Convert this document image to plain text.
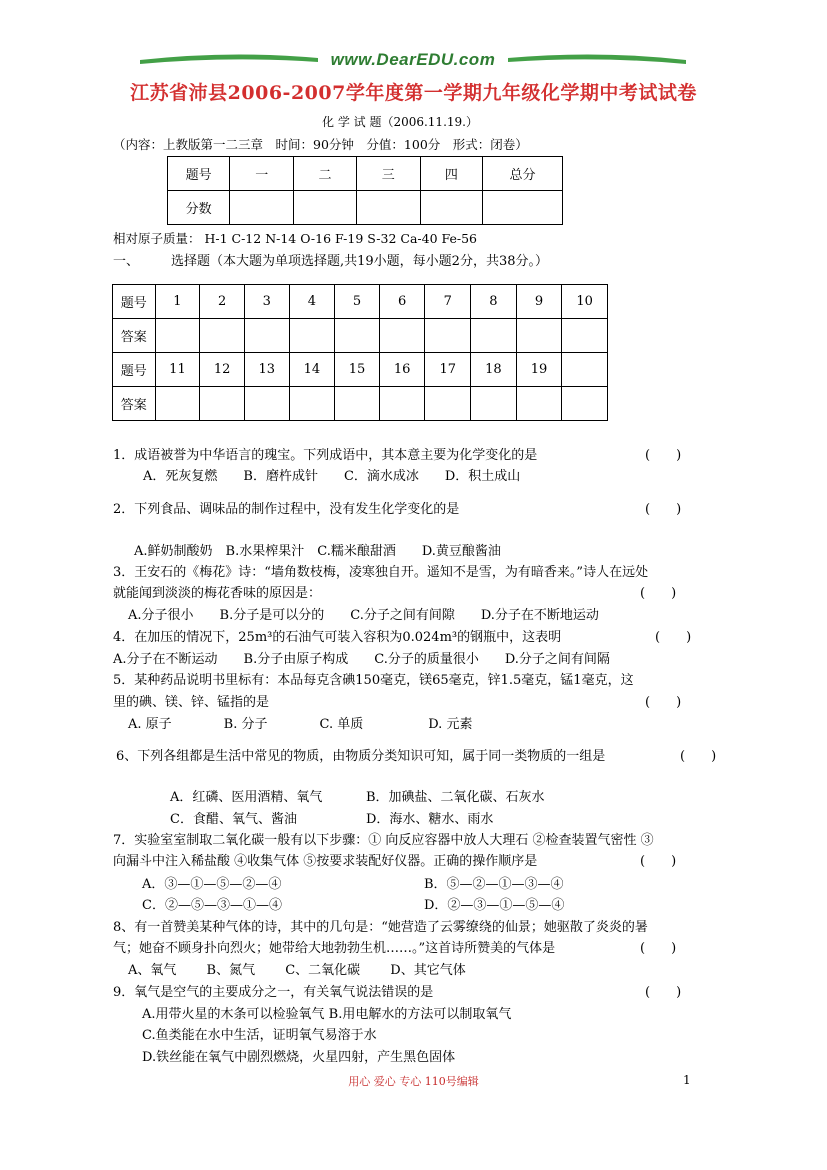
www.DearEDU.com
江苏省沛县2006-2007学年度第一学期九年级化学期中考试试卷
化 学 试 题（2006.11.19.）
（内容：上教版第一二三章　时间：90分钟　分值：100分　形式：闭卷）
题号	一	二	三	四	总分
分数					
相对原子质量： H-1 C-12 N-14 O-16 F-19 S-32 Ca-40 Fe-56
一、 选择题（本大题为单项选择题,共19小题，每小题2分，共38分。）
题号	1	2	3	4	5	6	7	8	9	10
答案										
题号	11	12	13	14	15	16	17	18	19	
答案										
1．成语被誉为中华语言的瑰宝。下列成语中，其本意主要为化学变化的是	(　　)
A．死灰复燃　　B．磨杵成针　　C．滴水成冰　　D．积土成山
2．下列食品、调味品的制作过程中，没有发生化学变化的是	(　　)
A.鲜奶制酸奶　B.水果榨果汁　C.糯米酿甜酒　　D.黄豆酿酱油
3．王安石的《梅花》诗：“墙角数枝梅，凌寒独自开。遥知不是雪，为有暗香来。”诗人在远处
就能闻到淡淡的梅花香味的原因是：	(　　)
A.分子很小　　B.分子是可以分的　　C.分子之间有间隙　　D.分子在不断地运动
4．在加压的情况下，25m³的石油气可装入容积为0.024m³的钢瓶中，这表明	(　　)
A.分子在不断运动　　B.分子由原子构成　　C.分子的质量很小　　D.分子之间有间隔
5．某种药品说明书里标有：本品每克含碘150毫克，镁65毫克，锌1.5毫克，锰1毫克，这
里的碘、镁、锌、锰指的是	(　　)
A. 原子　　　　B. 分子　　　　C. 单质　　　　　D. 元素
6、下列各组都是生活中常见的物质，由物质分类知识可知，属于同一类物质的一组是	(　　)
A．红磷、医用酒精、氧气	B．加碘盐、二氧化碳、石灰水
C．食醋、氧气、酱油	D．海水、糖水、雨水
7．实验室室制取二氧化碳一般有以下步骤：① 向反应容器中放人大理石 ②检查装置气密性 ③
向漏斗中注入稀盐酸 ④收集气体 ⑤按要求装配好仪器。正确的操作顺序是	(　　)
A．③—①—⑤—②—④	B．⑤—②—①—③—④
C．②—⑤—③—①—④	D．②—③—①—⑤—④
8、有一首赞美某种气体的诗，其中的几句是：“她营造了云雾缭绕的仙景；她驱散了炎炎的暑
气；她奋不顾身扑向烈火；她带给大地勃勃生机……。”这首诗所赞美的气体是	(　　)
A、氧气　　 B、氮气　　 C、二氧化碳　　 D、其它气体
9．氧气是空气的主要成分之一，有关氧气说法错误的是	(　　)
A.用带火星的木条可以检验氧气 B.用电解水的方法可以制取氧气
C.鱼类能在水中生活，证明氧气易溶于水
D.铁丝能在氧气中剧烈燃烧，火星四射，产生黑色固体
用心 爱心 专心 110号编辑	1
